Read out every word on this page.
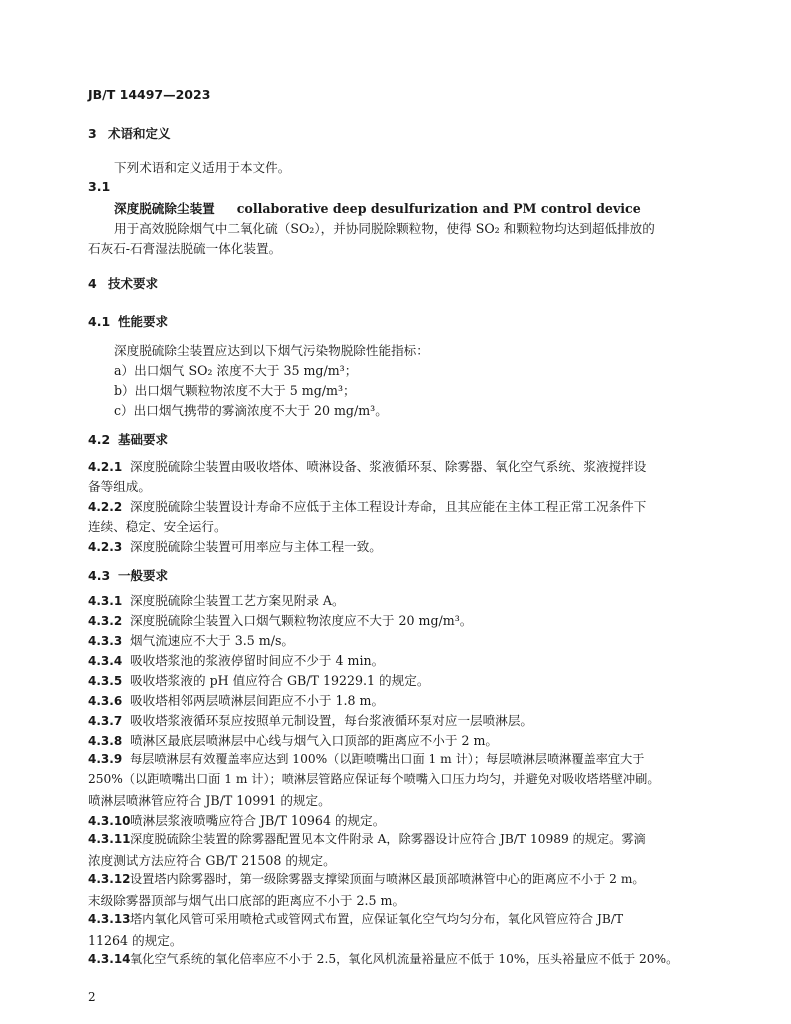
JB/T 14497—2023
3 术语和定义
下列术语和定义适用于本文件。
3.1
深度脱硫除尘装置 collaborative deep desulfurization and PM control device
用于高效脱除烟气中二氧化硫（SO₂），并协同脱除颗粒物，使得 SO₂ 和颗粒物均达到超低排放的
石灰石-石膏湿法脱硫一体化装置。
4 技术要求
4.1 性能要求
深度脱硫除尘装置应达到以下烟气污染物脱除性能指标：
a）出口烟气 SO₂ 浓度不大于 35 mg/m³；
b）出口烟气颗粒物浓度不大于 5 mg/m³；
c）出口烟气携带的雾滴浓度不大于 20 mg/m³。
4.2 基础要求
4.2.1 深度脱硫除尘装置由吸收塔体、喷淋设备、浆液循环泵、除雾器、氧化空气系统、浆液搅拌设
备等组成。
4.2.2 深度脱硫除尘装置设计寿命不应低于主体工程设计寿命，且其应能在主体工程正常工况条件下
连续、稳定、安全运行。
4.2.3 深度脱硫除尘装置可用率应与主体工程一致。
4.3 一般要求
4.3.1 深度脱硫除尘装置工艺方案见附录 A。
4.3.2 深度脱硫除尘装置入口烟气颗粒物浓度应不大于 20 mg/m³。
4.3.3 烟气流速应不大于 3.5 m/s。
4.3.4 吸收塔浆池的浆液停留时间应不少于 4 min。
4.3.5 吸收塔浆液的 pH 值应符合 GB/T 19229.1 的规定。
4.3.6 吸收塔相邻两层喷淋层间距应不小于 1.8 m。
4.3.7 吸收塔浆液循环泵应按照单元制设置，每台浆液循环泵对应一层喷淋层。
4.3.8 喷淋区最底层喷淋层中心线与烟气入口顶部的距离应不小于 2 m。
4.3.9 每层喷淋层有效覆盖率应达到 100%（以距喷嘴出口面 1 m 计）；每层喷淋层喷淋覆盖率宜大于
250%（以距喷嘴出口面 1 m 计）；喷淋层管路应保证每个喷嘴入口压力均匀，并避免对吸收塔塔壁冲刷。
喷淋层喷淋管应符合 JB/T 10991 的规定。
4.3.10喷淋层浆液喷嘴应符合 JB/T 10964 的规定。
4.3.11深度脱硫除尘装置的除雾器配置见本文件附录 A，除雾器设计应符合 JB/T 10989 的规定。雾滴
浓度测试方法应符合 GB/T 21508 的规定。
4.3.12设置塔内除雾器时，第一级除雾器支撑梁顶面与喷淋区最顶部喷淋管中心的距离应不小于 2 m。
末级除雾器顶部与烟气出口底部的距离应不小于 2.5 m。
4.3.13塔内氧化风管可采用喷枪式或管网式布置，应保证氧化空气均匀分布，氧化风管应符合 JB/T
11264 的规定。
4.3.14氧化空气系统的氧化倍率应不小于 2.5，氧化风机流量裕量应不低于 10%，压头裕量应不低于 20%。
2
